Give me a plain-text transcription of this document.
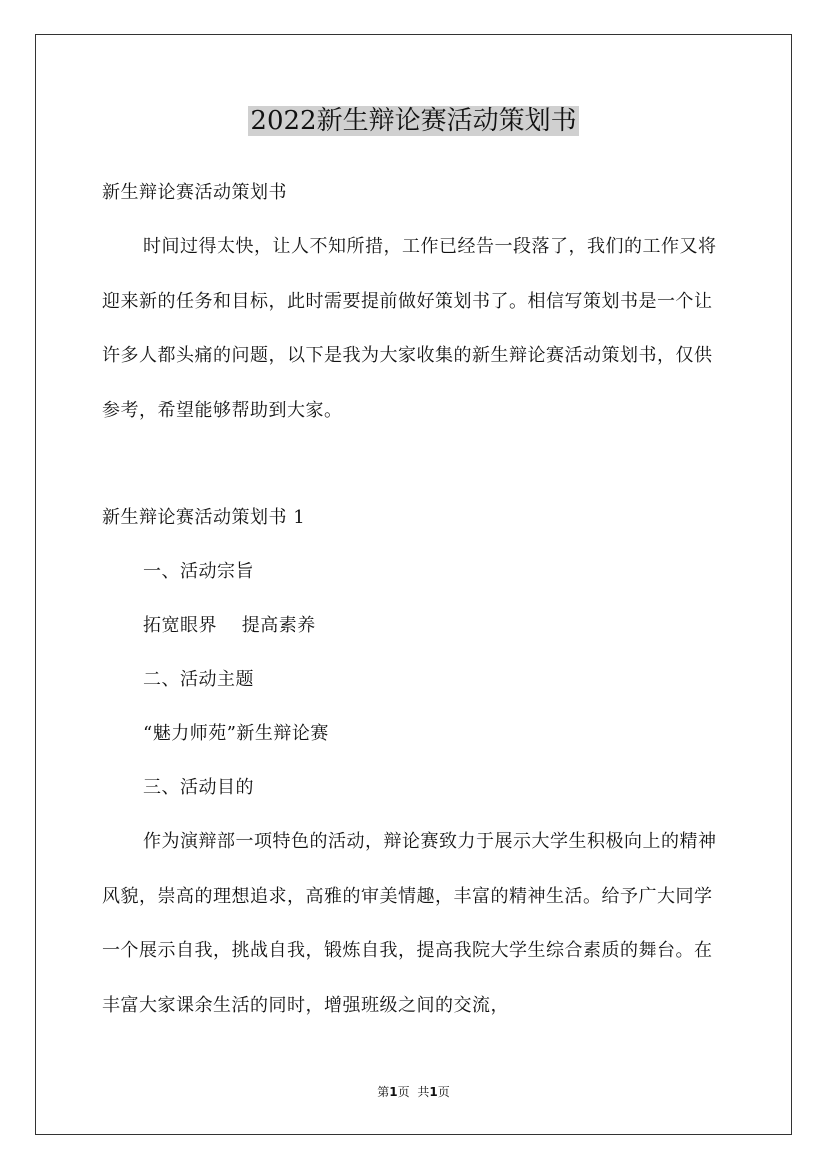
2022新生辩论赛活动策划书

新生辩论赛活动策划书

时间过得太快，让人不知所措，工作已经告一段落了，我们的工作又将迎来新的任务和目标，此时需要提前做好策划书了。相信写策划书是一个让许多人都头痛的问题，以下是我为大家收集的新生辩论赛活动策划书，仅供参考，希望能够帮助到大家。

新生辩论赛活动策划书 1

一、活动宗旨

拓宽眼界　 提高素养

二、活动主题

“魅力师苑”新生辩论赛

三、活动目的

作为演辩部一项特色的活动，辩论赛致力于展示大学生积极向上的精神风貌，崇高的理想追求，高雅的审美情趣，丰富的精神生活。给予广大同学一个展示自我，挑战自我，锻炼自我，提高我院大学生综合素质的舞台。在丰富大家课余生活的同时，增强班级之间的交流，

第1页 共1页
